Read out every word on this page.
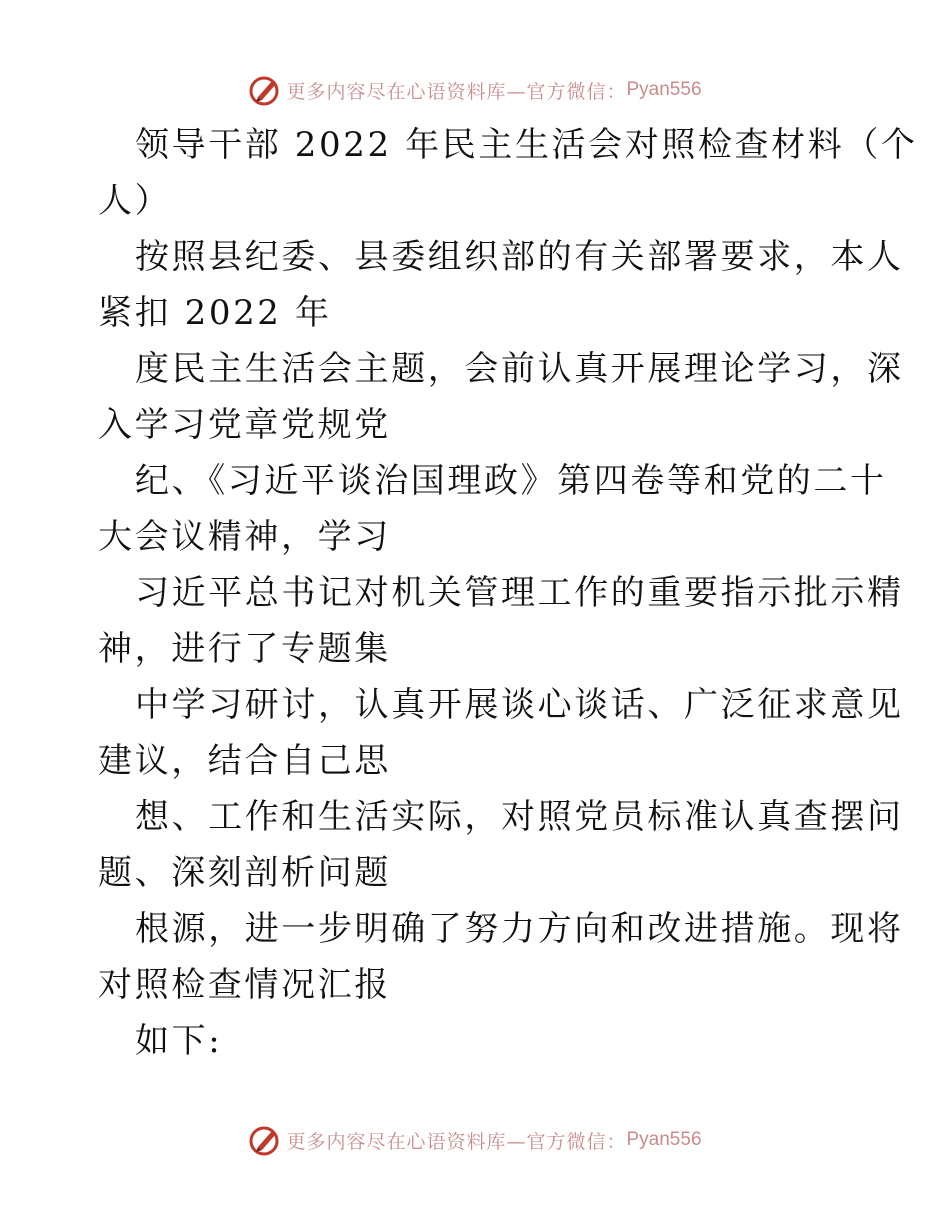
更多内容尽在心语资料库—官方微信： Pyan556

领导干部 2022 年民主生活会对照检查材料（个
人）

按照县纪委、县委组织部的有关部署要求，本人
紧扣 2022 年

度民主生活会主题，会前认真开展理论学习，深
入学习党章党规党

纪、《习近平谈治国理政》第四卷等和党的二十
大会议精神，学习

习近平总书记对机关管理工作的重要指示批示精
神，进行了专题集

中学习研讨，认真开展谈心谈话、广泛征求意见
建议，结合自己思

想、工作和生活实际，对照党员标准认真查摆问
题、深刻剖析问题

根源，进一步明确了努力方向和改进措施。现将
对照检查情况汇报

如下:

更多内容尽在心语资料库—官方微信： Pyan556
